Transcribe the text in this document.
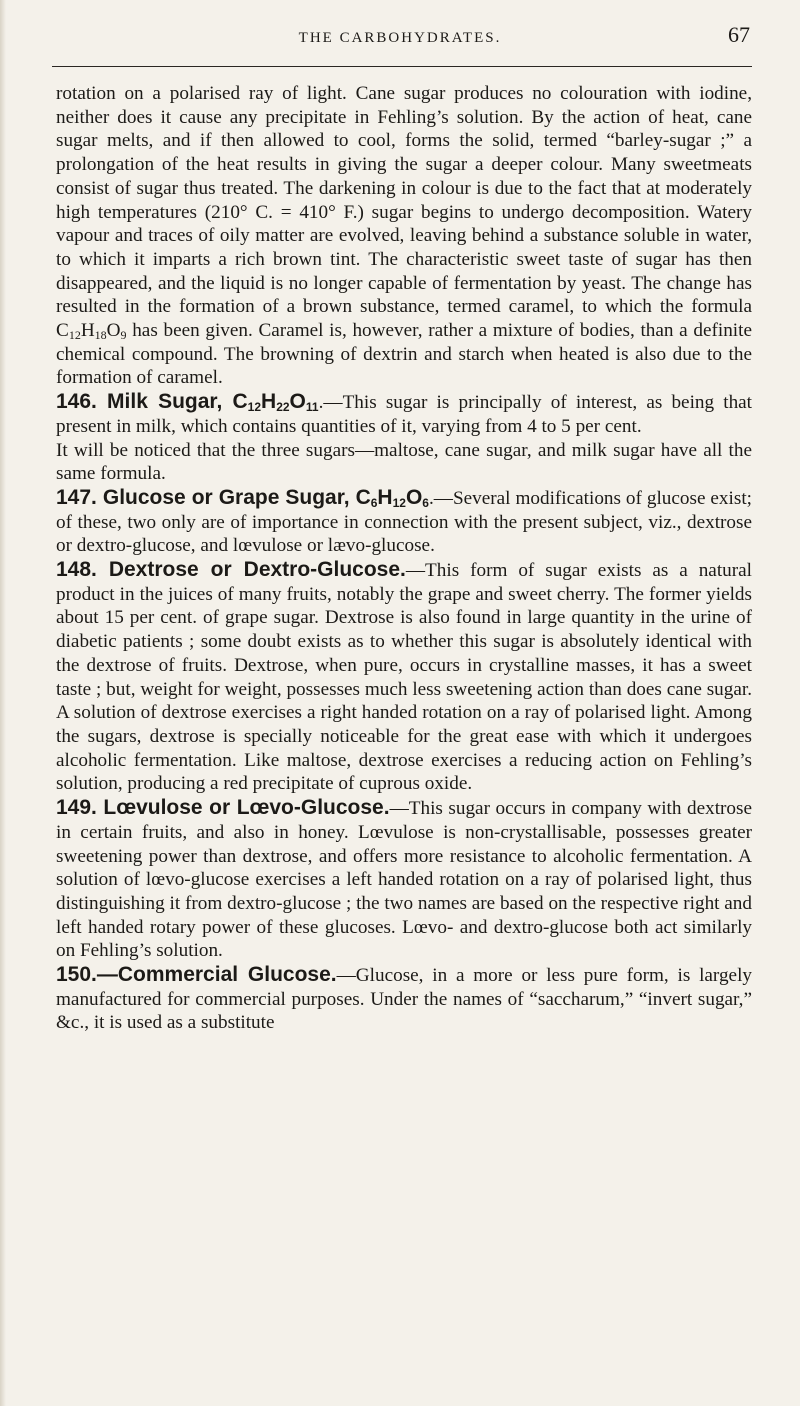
THE CARBOHYDRATES.	67

rotation on a polarised ray of light. Cane sugar produces no colouration with iodine, neither does it cause any precipitate in Fehling’s solution. By the action of heat, cane sugar melts, and if then allowed to cool, forms the solid, termed “barley-sugar ;” a prolongation of the heat results in giving the sugar a deeper colour. Many sweetmeats consist of sugar thus treated. The darkening in colour is due to the fact that at moderately high temperatures (210° C. = 410° F.) sugar begins to undergo decomposition. Watery vapour and traces of oily matter are evolved, leaving behind a substance soluble in water, to which it imparts a rich brown tint. The characteristic sweet taste of sugar has then disappeared, and the liquid is no longer capable of fermentation by yeast. The change has resulted in the formation of a brown substance, termed caramel, to which the formula $C_{12}H_{18}O_9$ has been given. Caramel is, however, rather a mixture of bodies, than a definite chemical compound. The browning of dextrin and starch when heated is also due to the formation of caramel.

146. Milk Sugar, $C_{12}H_{22}O_{11}.—This$ sugar is principally of interest, as being that present in milk, which contains quantities of it, varying from 4 to 5 per cent.

It will be noticed that the three sugars—maltose, cane sugar, and milk sugar have all the same formula.

147. Glucose or Grape Sugar, $C_6H_{12}O_6.—Several$ modifications of glucose exist; of these, two only are of importance in connection with the present subject, viz., dextrose or dextro-glucose, and lœvulose or lævo-glucose.

148. Dextrose or Dextro-Glucose.—This form of sugar exists as a natural product in the juices of many fruits, notably the grape and sweet cherry. The former yields about 15 per cent. of grape sugar. Dextrose is also found in large quantity in the urine of diabetic patients ; some doubt exists as to whether this sugar is absolutely identical with the dextrose of fruits. Dextrose, when pure, occurs in crystalline masses, it has a sweet taste ; but, weight for weight, possesses much less sweetening action than does cane sugar. A solution of dextrose exercises a right handed rotation on a ray of polarised light. Among the sugars, dextrose is specially noticeable for the great ease with which it undergoes alcoholic fermentation. Like maltose, dextrose exercises a reducing action on Fehling’s solution, producing a red precipitate of cuprous oxide.

149. Lœvulose or Lœvo-Glucose.—This sugar occurs in company with dextrose in certain fruits, and also in honey. Lœvulose is non-crystallisable, possesses greater sweetening power than dextrose, and offers more resistance to alcoholic fermentation. A solution of lœvo-glucose exercises a left handed rotation on a ray of polarised light, thus distinguishing it from dextro-glucose ; the two names are based on the respective right and left handed rotary power of these glucoses. Lœvo- and dextro-glucose both act similarly on Fehling’s solution.

150.—Commercial Glucose.—Glucose, in a more or less pure form, is largely manufactured for commercial purposes. Under the names of “saccharum,” “invert sugar,” &c., it is used as a substitute
